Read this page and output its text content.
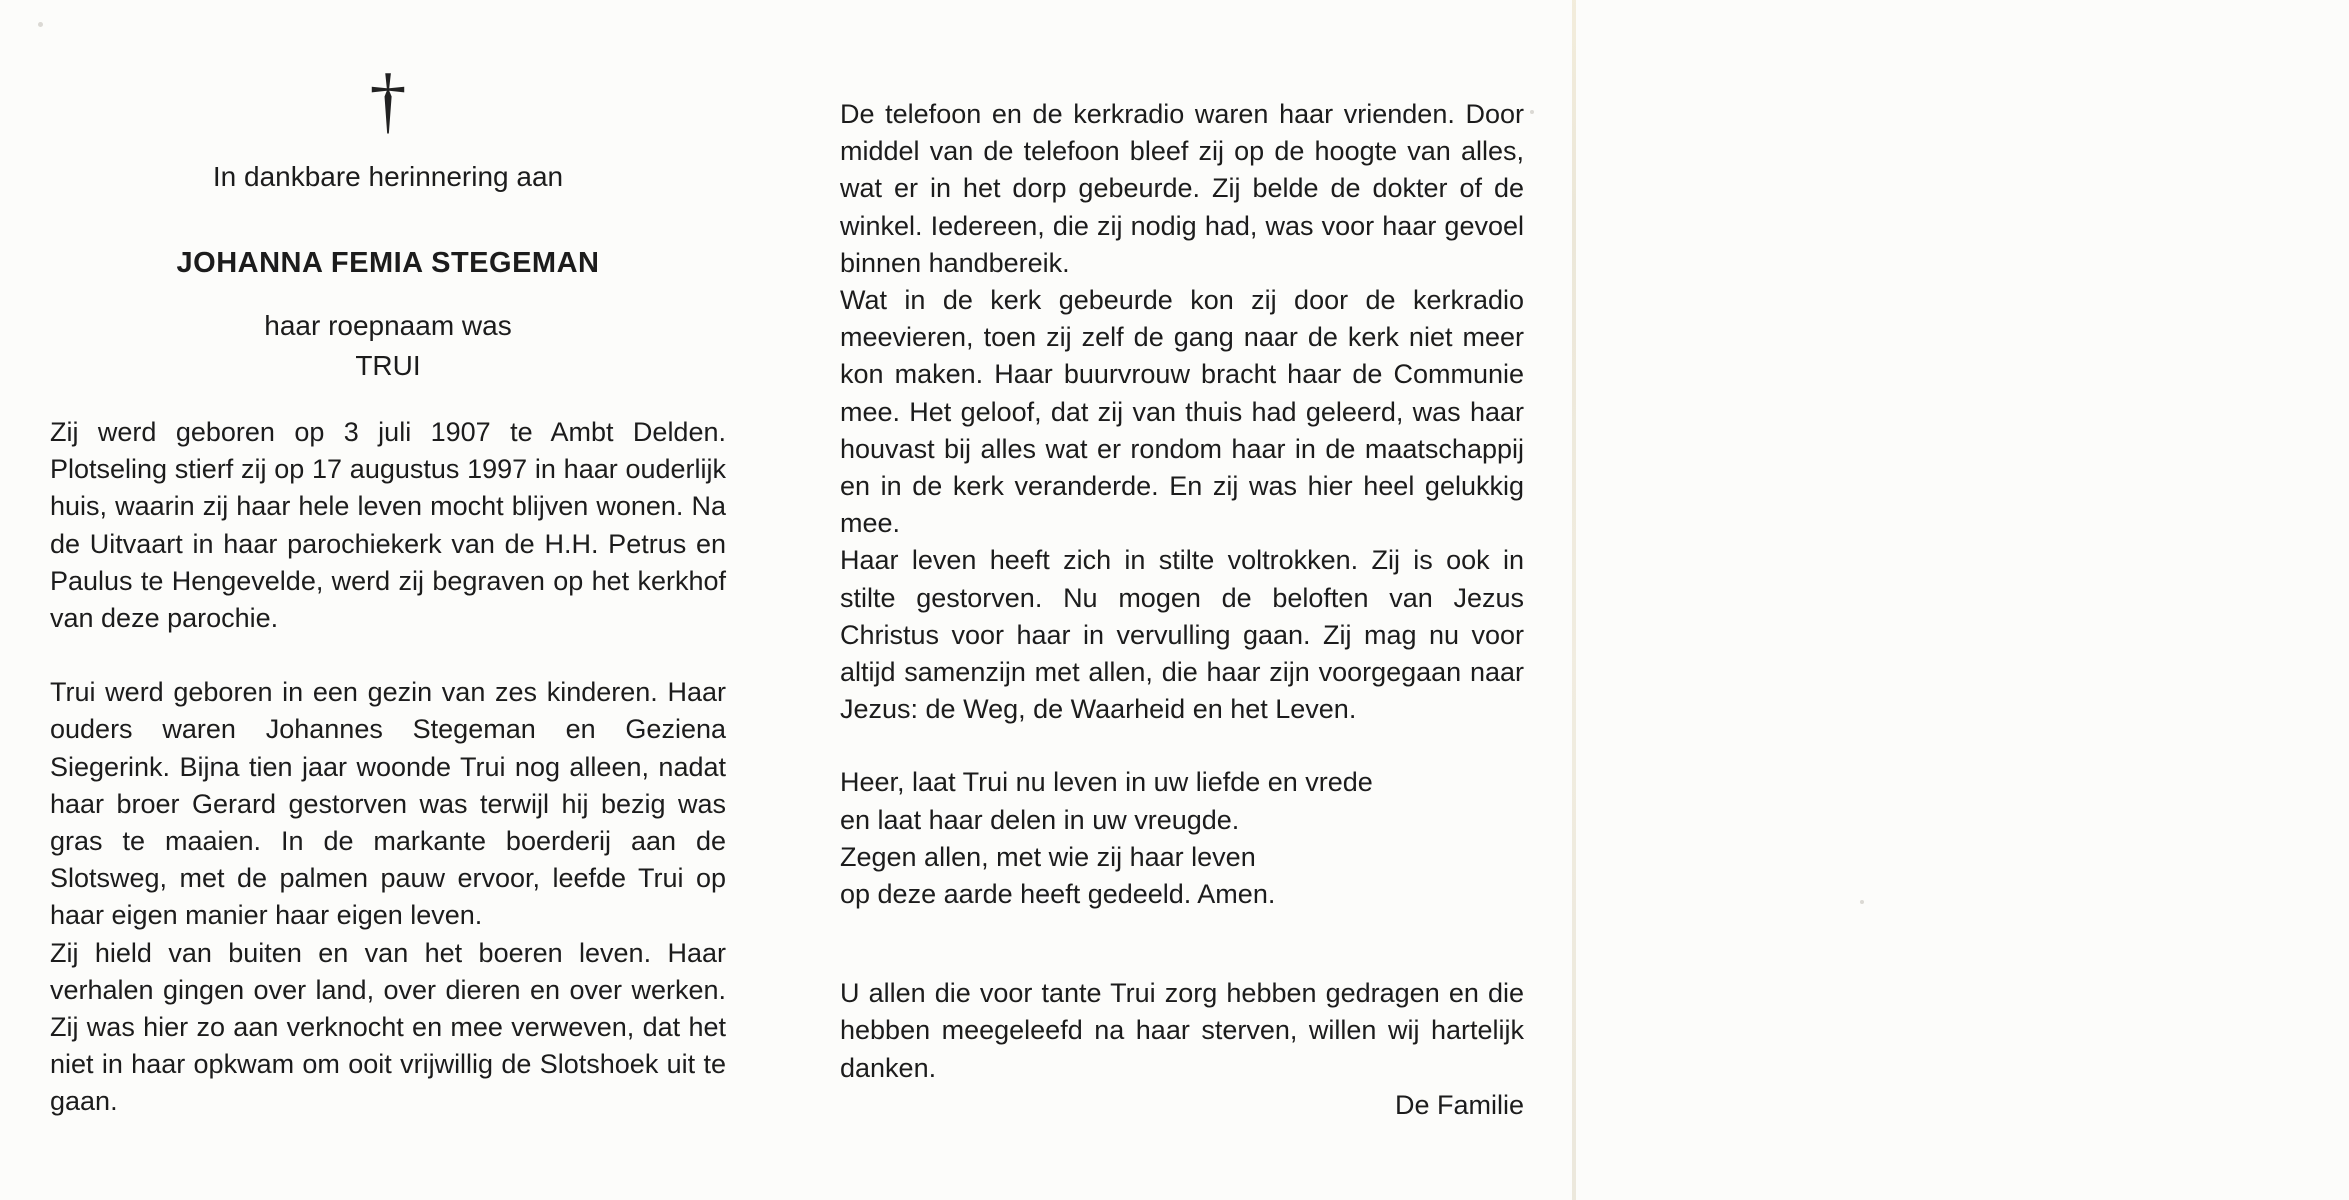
†
In dankbare herinnering aan
JOHANNA FEMIA STEGEMAN
haar roepnaam was
TRUI

Zij werd geboren op 3 juli 1907 te Ambt Delden. Plotseling stierf zij op 17 augustus 1997 in haar ouderlijk huis, waarin zij haar hele leven mocht blijven wonen. Na de Uitvaart in haar parochiekerk van de H.H. Petrus en Paulus te Hengevelde, werd zij begraven op het kerkhof van deze parochie.

Trui werd geboren in een gezin van zes kinderen. Haar ouders waren Johannes Stegeman en Geziena Siegerink. Bijna tien jaar woonde Trui nog alleen, nadat haar broer Gerard gestorven was terwijl hij bezig was gras te maaien. In de markante boerderij aan de Slotsweg, met de palmen pauw ervoor, leefde Trui op haar eigen manier haar eigen leven.

Zij hield van buiten en van het boeren leven. Haar verhalen gingen over land, over dieren en over werken. Zij was hier zo aan verknocht en mee verweven, dat het niet in haar opkwam om ooit vrijwillig de Slotshoek uit te gaan.

De telefoon en de kerkradio waren haar vrienden. Door middel van de telefoon bleef zij op de hoogte van alles, wat er in het dorp gebeurde. Zij belde de dokter of de winkel. Iedereen, die zij nodig had, was voor haar gevoel binnen handbereik.

Wat in de kerk gebeurde kon zij door de kerkradio meevieren, toen zij zelf de gang naar de kerk niet meer kon maken. Haar buurvrouw bracht haar de Communie mee. Het geloof, dat zij van thuis had geleerd, was haar houvast bij alles wat er rondom haar in de maatschappij en in de kerk veranderde. En zij was hier heel gelukkig mee.

Haar leven heeft zich in stilte voltrokken. Zij is ook in stilte gestorven. Nu mogen de beloften van Jezus Christus voor haar in vervulling gaan. Zij mag nu voor altijd samenzijn met allen, die haar zijn voorgegaan naar Jezus: de Weg, de Waarheid en het Leven.

Heer, laat Trui nu leven in uw liefde en vrede
en laat haar delen in uw vreugde.
Zegen allen, met wie zij haar leven
op deze aarde heeft gedeeld. Amen.

U allen die voor tante Trui zorg hebben gedragen en die hebben meegeleefd na haar sterven, willen wij hartelijk danken.

De Familie
